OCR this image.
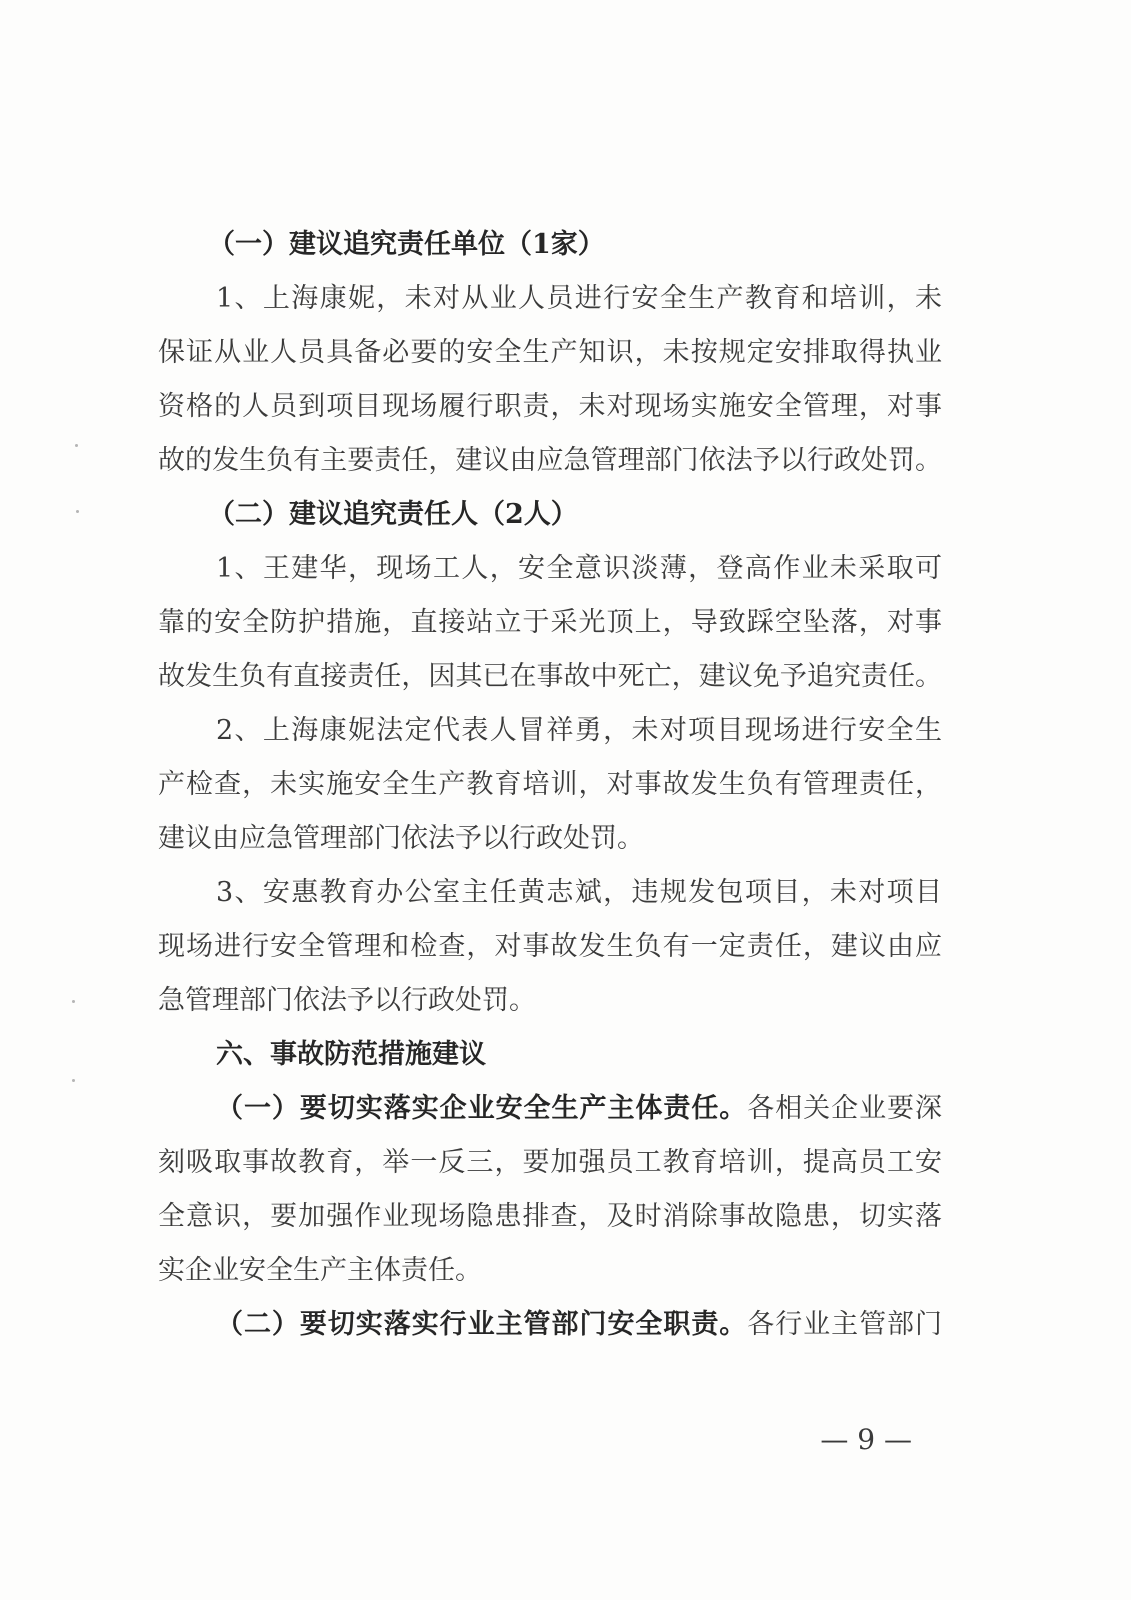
（一）建议追究责任单位（1家）
1、上海康妮，未对从业人员进行安全生产教育和培训，未
保证从业人员具备必要的安全生产知识，未按规定安排取得执业
资格的人员到项目现场履行职责，未对现场实施安全管理，对事
故的发生负有主要责任，建议由应急管理部门依法予以行政处罚。
（二）建议追究责任人（2人）
1、王建华，现场工人，安全意识淡薄，登高作业未采取可
靠的安全防护措施，直接站立于采光顶上，导致踩空坠落，对事
故发生负有直接责任，因其已在事故中死亡，建议免予追究责任。
2、上海康妮法定代表人冒祥勇，未对项目现场进行安全生
产检查，未实施安全生产教育培训，对事故发生负有管理责任，
建议由应急管理部门依法予以行政处罚。
3、安惠教育办公室主任黄志斌，违规发包项目，未对项目
现场进行安全管理和检查，对事故发生负有一定责任，建议由应
急管理部门依法予以行政处罚。
六、事故防范措施建议
（一）要切实落实企业安全生产主体责任。各相关企业要深
刻吸取事故教育，举一反三，要加强员工教育培训，提高员工安
全意识，要加强作业现场隐患排查，及时消除事故隐患，切实落
实企业安全生产主体责任。
（二）要切实落实行业主管部门安全职责。各行业主管部门
— 9 —
